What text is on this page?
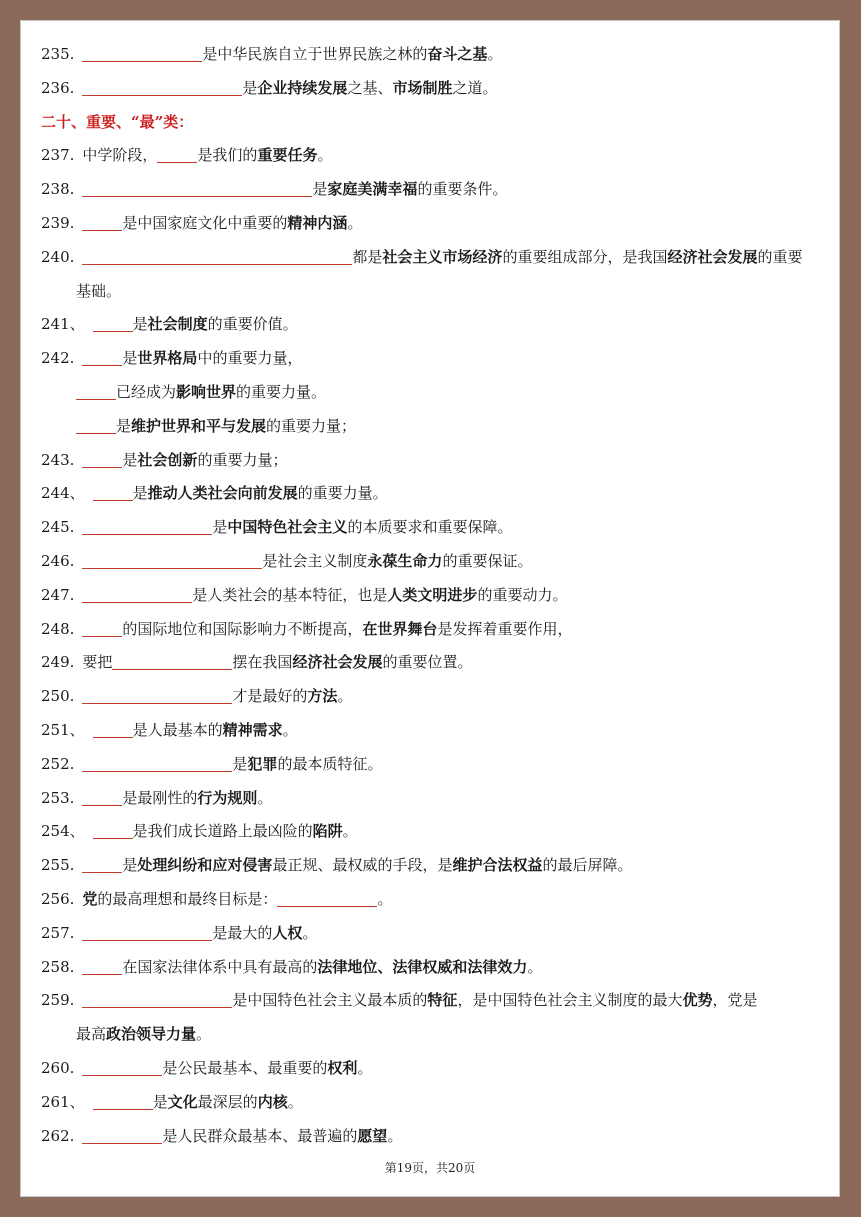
235.	是中华民族自立于世界民族之林的奋斗之基。
236.	是企业持续发展之基、市场制胜之道。
二十、重要、“最”类：
237. 中学阶段，	是我们的重要任务。
238.	是家庭美满幸福的重要条件。
239.	是中国家庭文化中重要的精神内涵。
240.	都是社会主义市场经济的重要组成部分，是我国经济社会发展的重要
基础。
241、	是社会制度的重要价值。
242.	是世界格局中的重要力量，
已经成为影响世界的重要力量。
是维护世界和平与发展的重要力量；
243.	是社会创新的重要力量；
244、	是推动人类社会向前发展的重要力量。
245.	是中国特色社会主义的本质要求和重要保障。
246.	是社会主义制度永葆生命力的重要保证。
247.	是人类社会的基本特征，也是人类文明进步的重要动力。
248.	的国际地位和国际影响力不断提高，在世界舞台是发挥着重要作用，
249. 要把	摆在我国经济社会发展的重要位置。
250.	才是最好的方法。
251、	是人最基本的精神需求。
252.	是犯罪的最本质特征。
253.	是最刚性的行为规则。
254、	是我们成长道路上最凶险的陷阱。
255.	是处理纠纷和应对侵害最正规、最权威的手段，是维护合法权益的最后屏障。
256. 党的最高理想和最终目标是：	。
257.	是最大的人权。
258.	在国家法律体系中具有最高的法律地位、法律权威和法律效力。
259.	是中国特色社会主义最本质的特征，是中国特色社会主义制度的最大优势，党是
最高政治领导力量。
260.	是公民最基本、最重要的权利。
261、	是文化最深层的内核。
262.	是人民群众最基本、最普遍的愿望。
第19页，共20页
